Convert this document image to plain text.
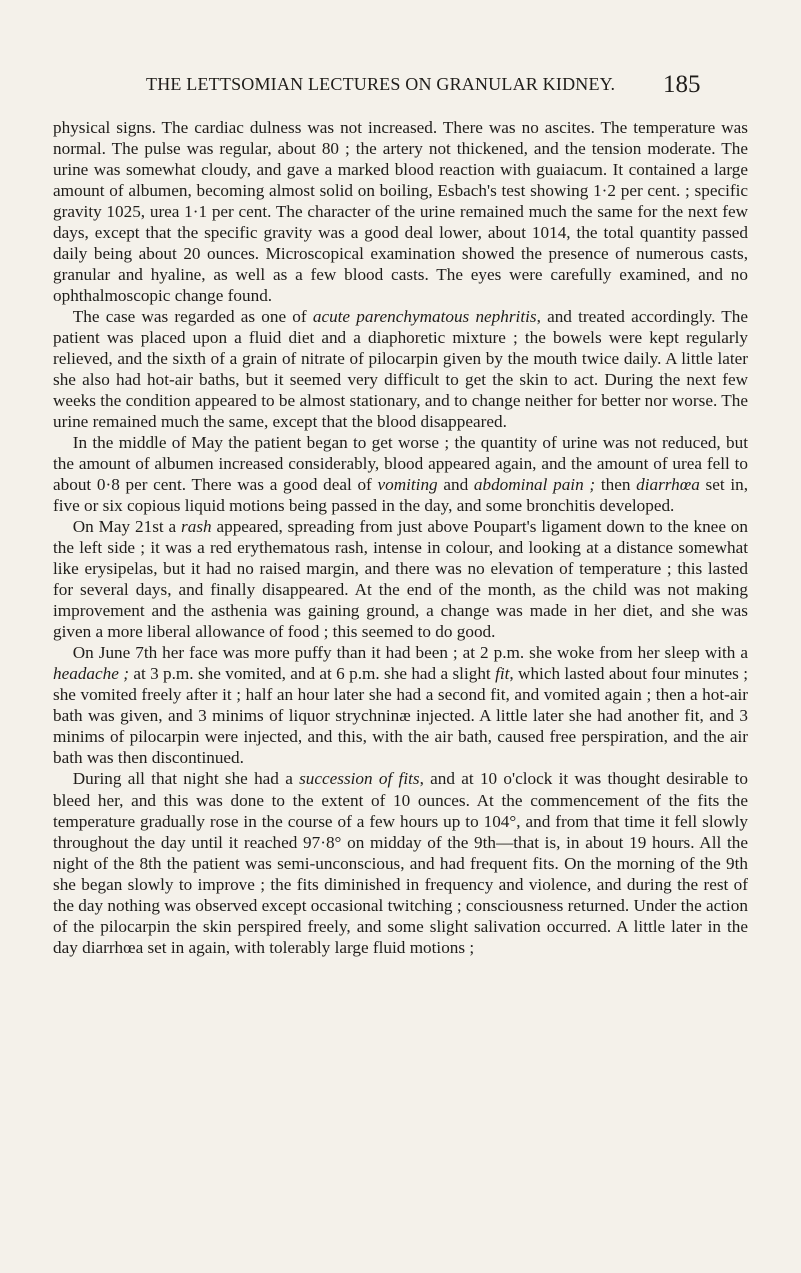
THE LETTSOMIAN LECTURES ON GRANULAR KIDNEY.	185

physical signs. The cardiac dulness was not increased. There was no ascites. The temperature was normal. The pulse was regular, about 80 ; the artery not thickened, and the tension moderate. The urine was somewhat cloudy, and gave a marked blood reaction with guaiacum. It contained a large amount of albumen, becoming almost solid on boiling, Esbach's test showing 1·2 per cent. ; specific gravity 1025, urea 1·1 per cent. The character of the urine remained much the same for the next few days, except that the specific gravity was a good deal lower, about 1014, the total quantity passed daily being about 20 ounces. Microscopical examination showed the presence of numerous casts, granular and hyaline, as well as a few blood casts. The eyes were carefully examined, and no ophthalmoscopic change found.

The case was regarded as one of acute parenchymatous nephritis, and treated accordingly. The patient was placed upon a fluid diet and a diaphoretic mixture ; the bowels were kept regularly relieved, and the sixth of a grain of nitrate of pilocarpin given by the mouth twice daily. A little later she also had hot-air baths, but it seemed very difficult to get the skin to act. During the next few weeks the condition appeared to be almost stationary, and to change neither for better nor worse. The urine remained much the same, except that the blood disappeared.

In the middle of May the patient began to get worse ; the quantity of urine was not reduced, but the amount of albumen increased considerably, blood appeared again, and the amount of urea fell to about 0·8 per cent. There was a good deal of vomiting and abdominal pain ; then diarrhœa set in, five or six copious liquid motions being passed in the day, and some bronchitis developed.

On May 21st a rash appeared, spreading from just above Poupart's ligament down to the knee on the left side ; it was a red erythematous rash, intense in colour, and looking at a distance somewhat like erysipelas, but it had no raised margin, and there was no elevation of temperature ; this lasted for several days, and finally disappeared. At the end of the month, as the child was not making improvement and the asthenia was gaining ground, a change was made in her diet, and she was given a more liberal allowance of food ; this seemed to do good.

On June 7th her face was more puffy than it had been ; at 2 p.m. she woke from her sleep with a headache ; at 3 p.m. she vomited, and at 6 p.m. she had a slight fit, which lasted about four minutes ; she vomited freely after it ; half an hour later she had a second fit, and vomited again ; then a hot-air bath was given, and 3 minims of liquor strychninæ injected. A little later she had another fit, and 3 minims of pilocarpin were injected, and this, with the air bath, caused free perspiration, and the air bath was then discontinued.

During all that night she had a succession of fits, and at 10 o'clock it was thought desirable to bleed her, and this was done to the extent of 10 ounces. At the commencement of the fits the temperature gradually rose in the course of a few hours up to 104°, and from that time it fell slowly throughout the day until it reached 97·8° on midday of the 9th—that is, in about 19 hours. All the night of the 8th the patient was semi-unconscious, and had frequent fits. On the morning of the 9th she began slowly to improve ; the fits diminished in frequency and violence, and during the rest of the day nothing was observed except occasional twitching ; consciousness returned. Under the action of the pilocarpin the skin perspired freely, and some slight salivation occurred. A little later in the day diarrhœa set in again, with tolerably large fluid motions ;
